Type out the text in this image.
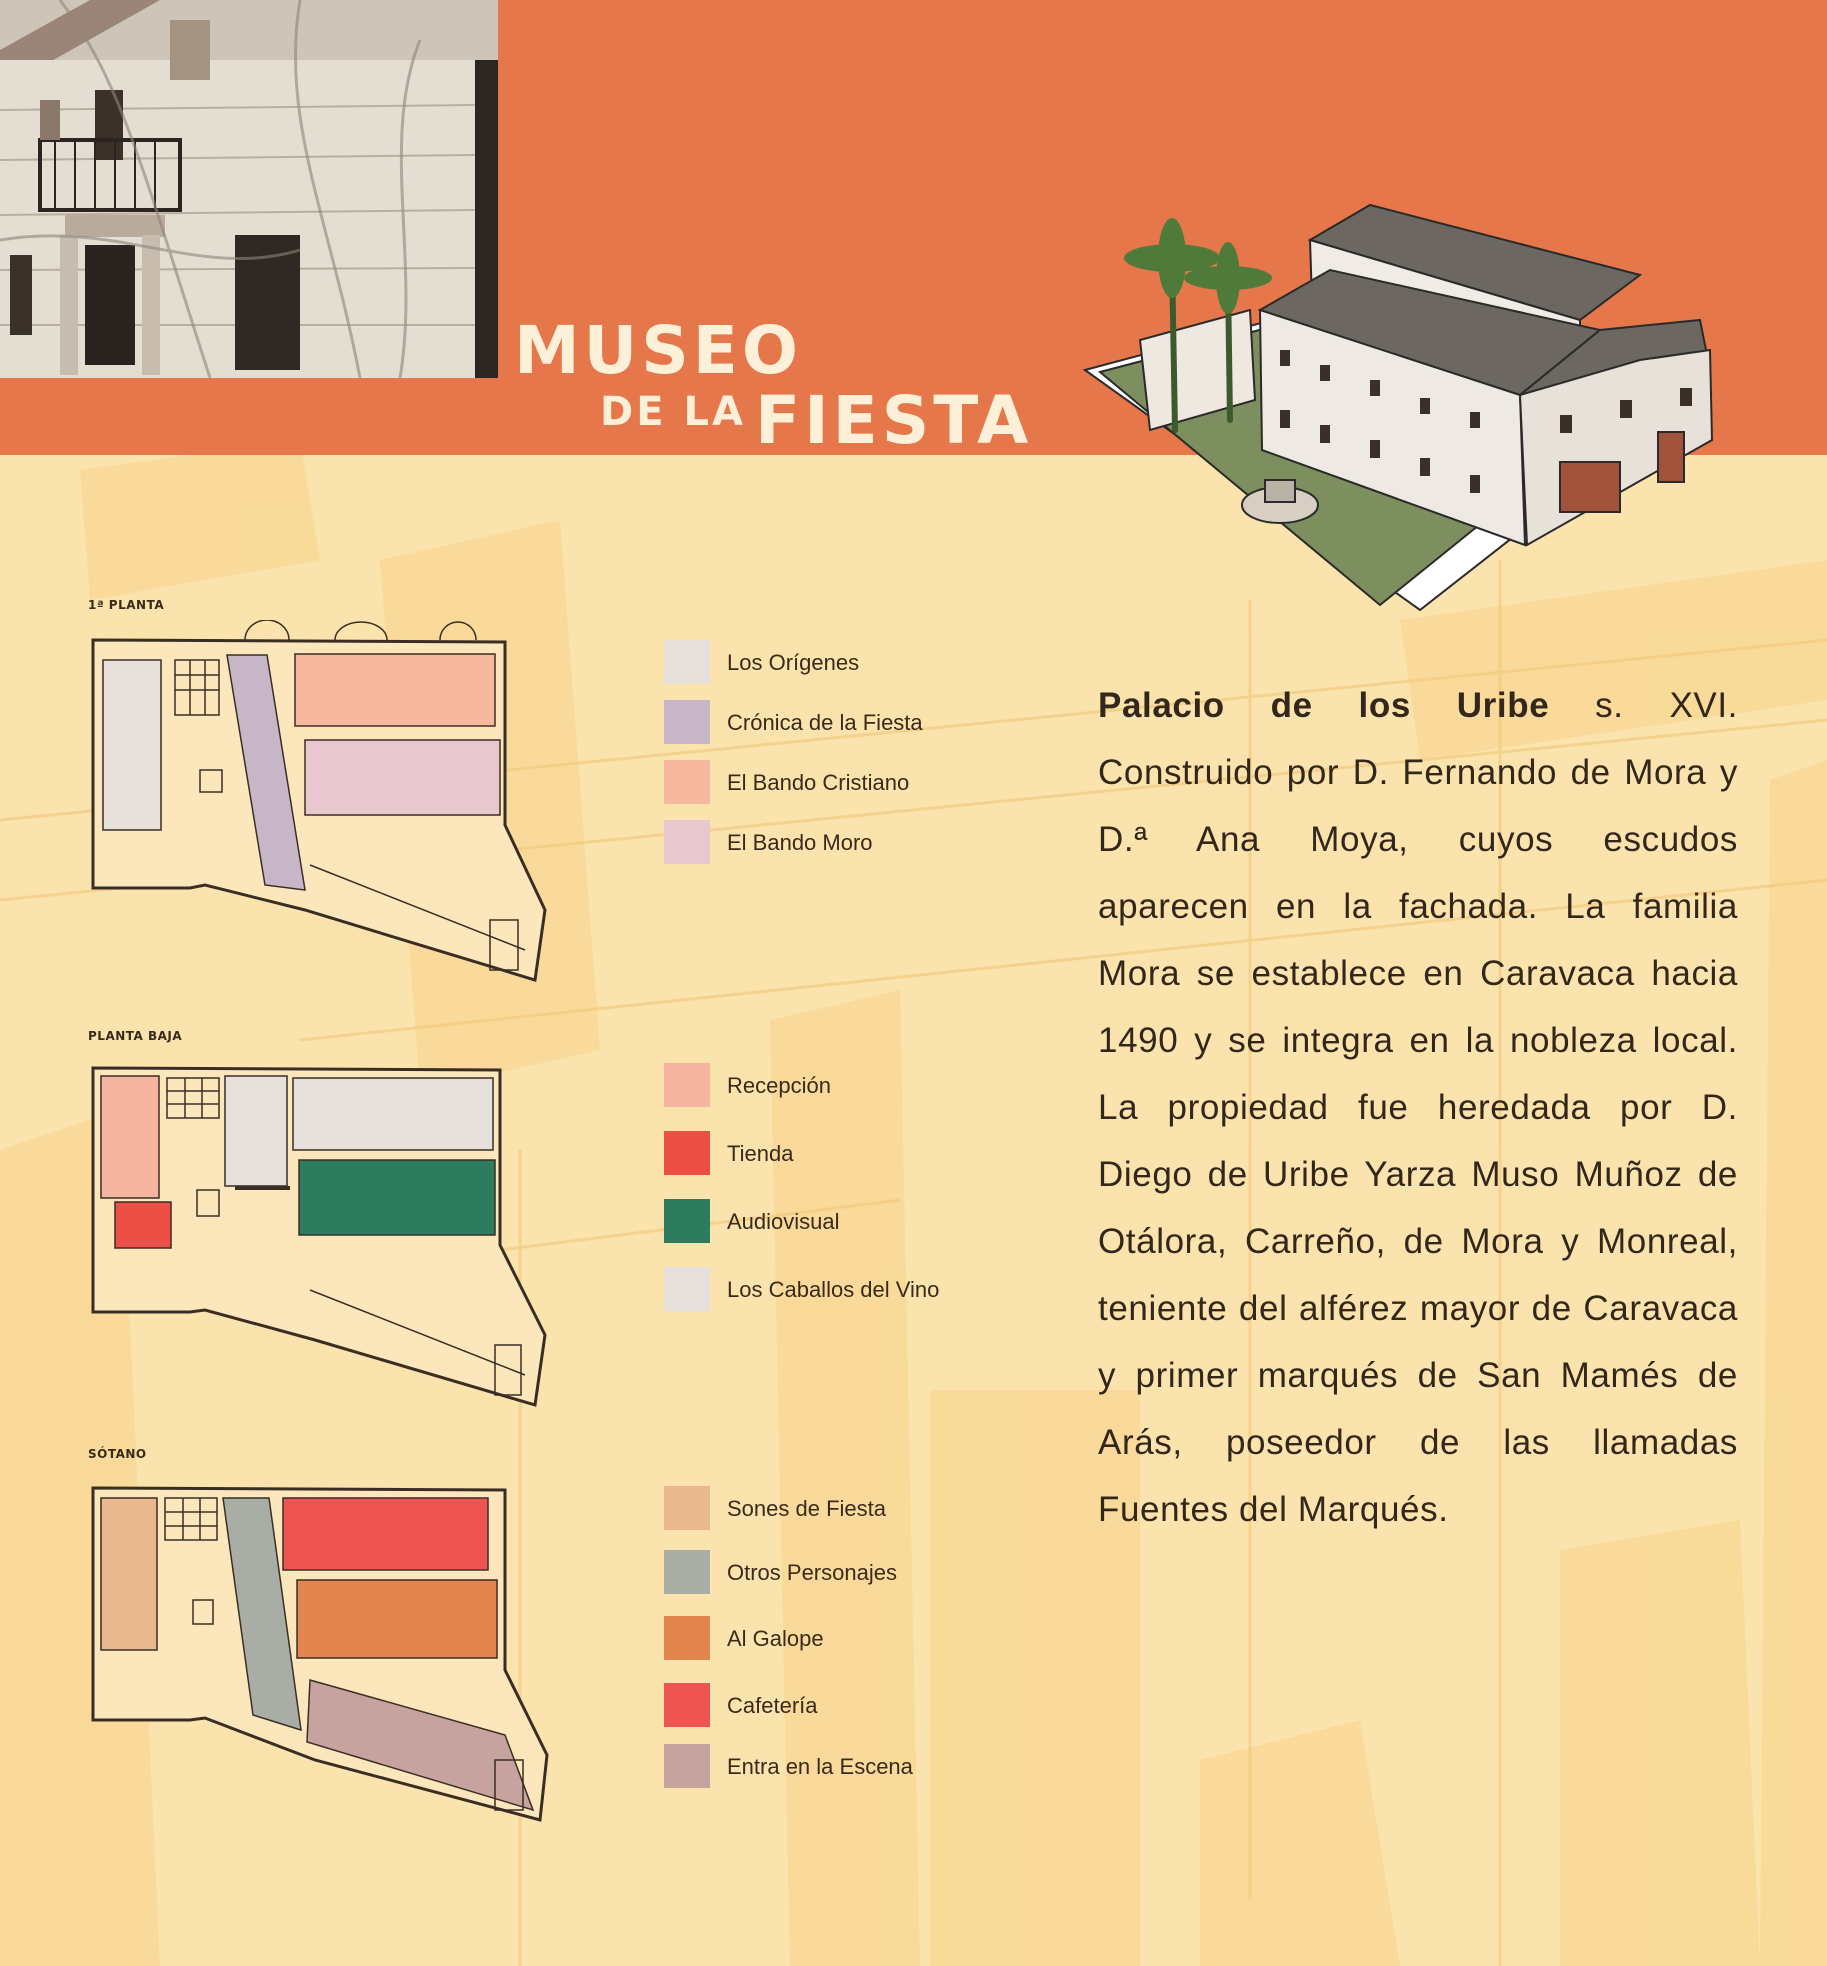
MUSEO
DE LA FIESTA
1ª PLANTA
PLANTA BAJA
SÓTANO
Los Orígenes
Crónica de la Fiesta
El Bando Cristiano
El Bando Moro
Recepción
Tienda
Audiovisual
Los Caballos del Vino
Sones de Fiesta
Otros Personajes
Al Galope
Cafetería
Entra en la Escena

Palacio de los Uribe s. XVI. Construido por D. Fernando de Mora y D.ª Ana Moya, cuyos escudos aparecen en la fachada. La familia Mora se establece en Caravaca hacia 1490 y se integra en la nobleza local. La propiedad fue heredada por D. Diego de Uribe Yarza Muso Muñoz de Otálora, Carreño, de Mora y Monreal, teniente del alférez mayor de Caravaca y primer marqués de San Mamés de Arás, poseedor de las llamadas Fuentes del Marqués.
